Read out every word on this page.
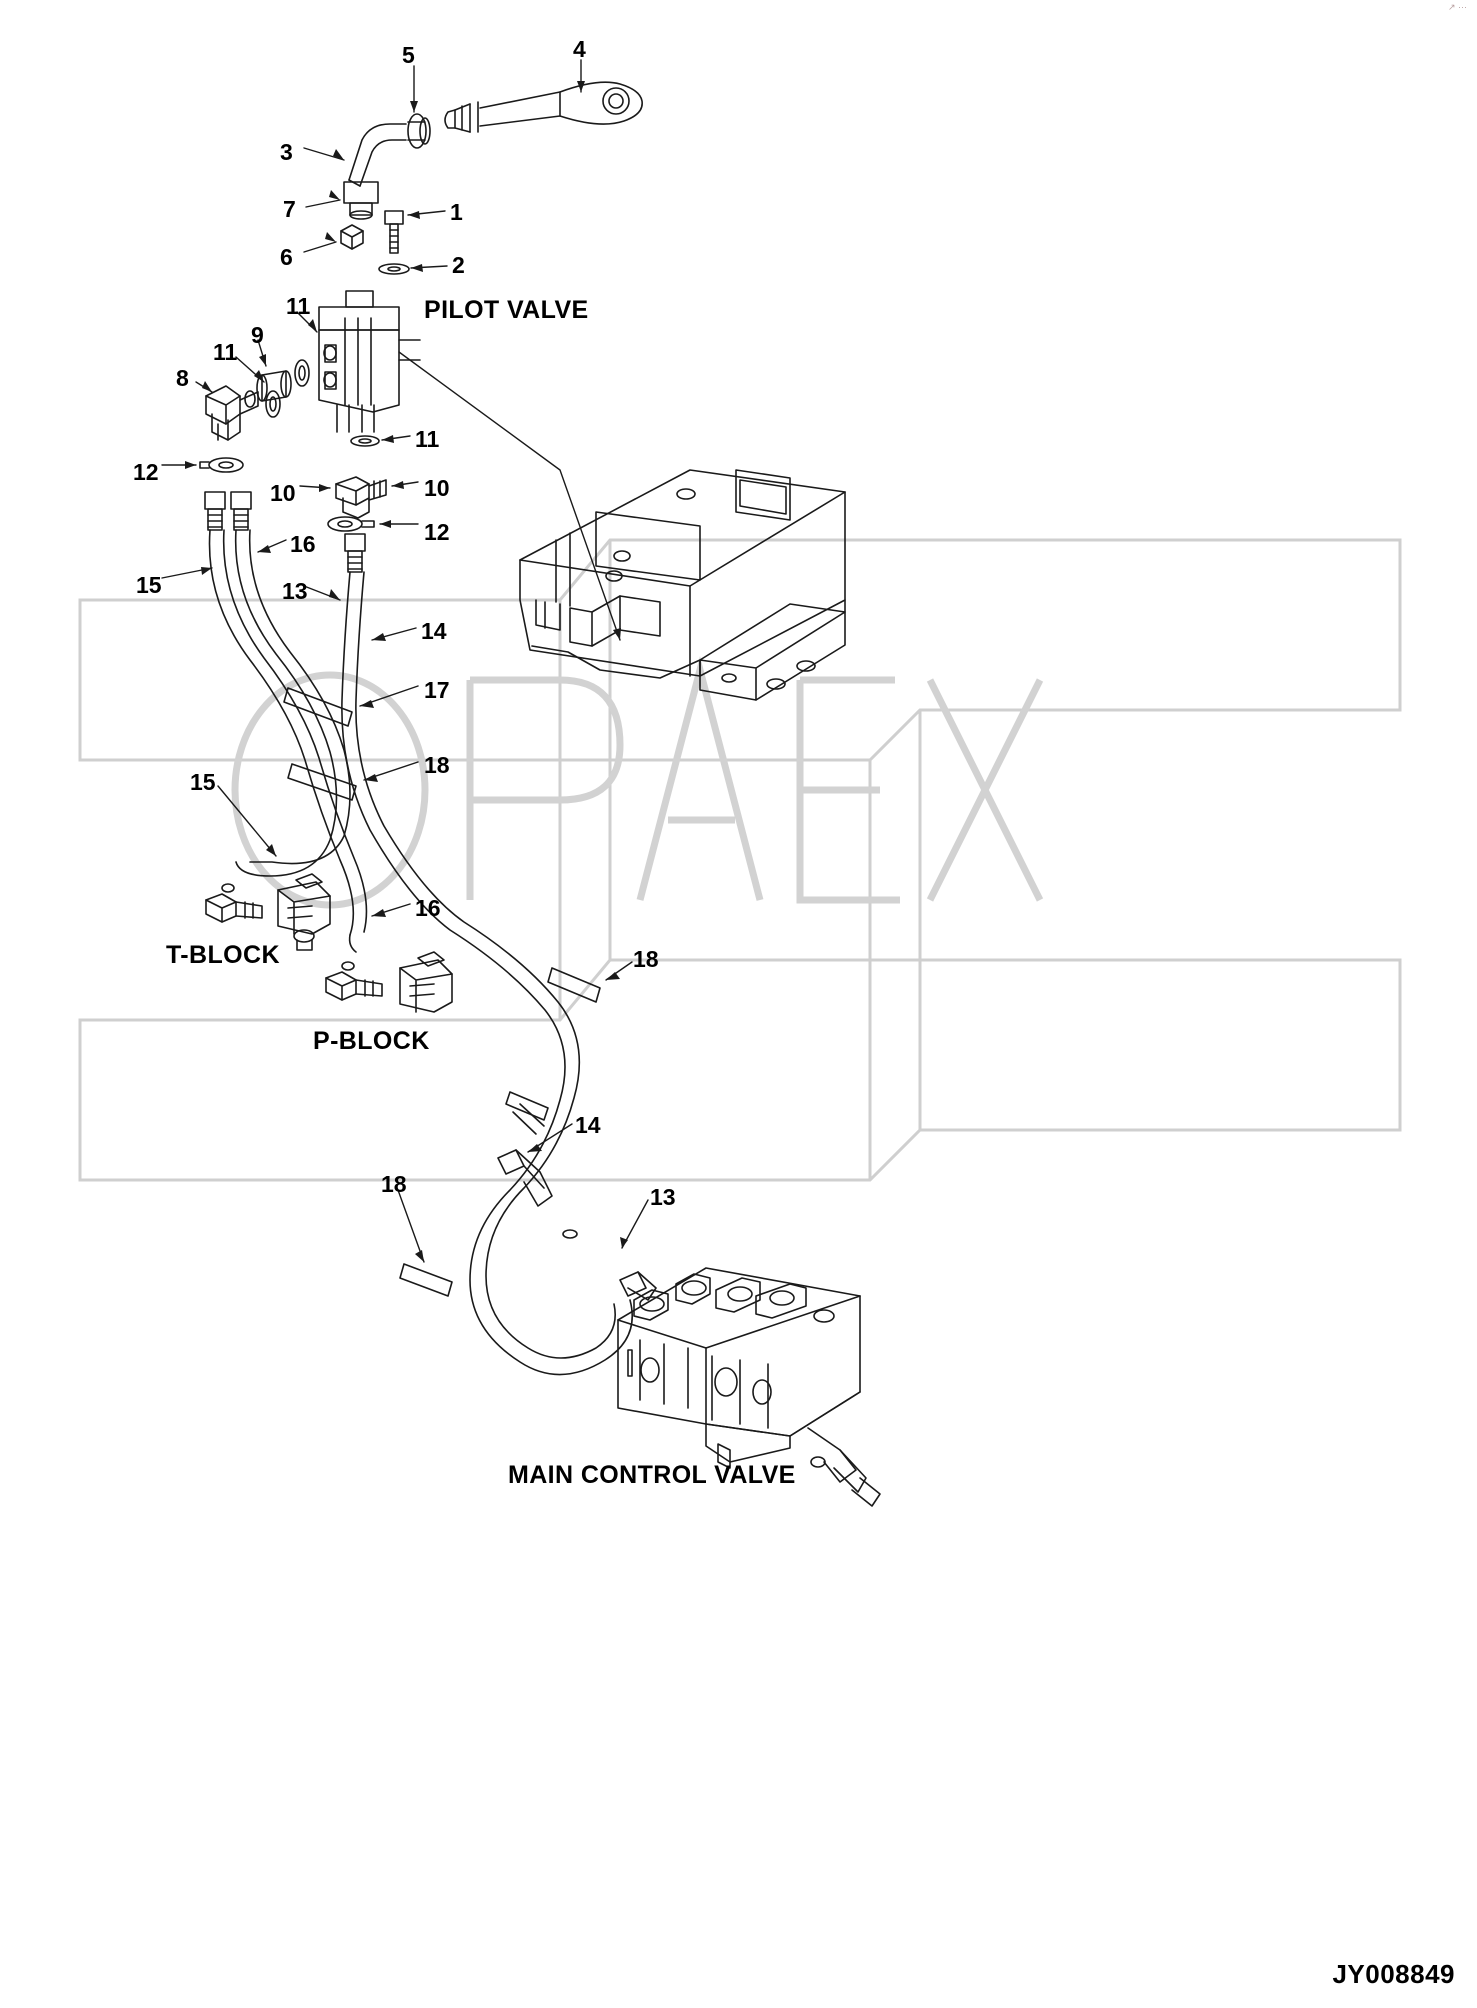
5	4
3
7	1
6	2
11
9
11
8
11
12
10	10
12
16
15	13
14
17
18
15
16
18
14
18	13
PILOT VALVE
T-BLOCK
P-BLOCK
MAIN CONTROL VALVE
JY008849
↗ ···
